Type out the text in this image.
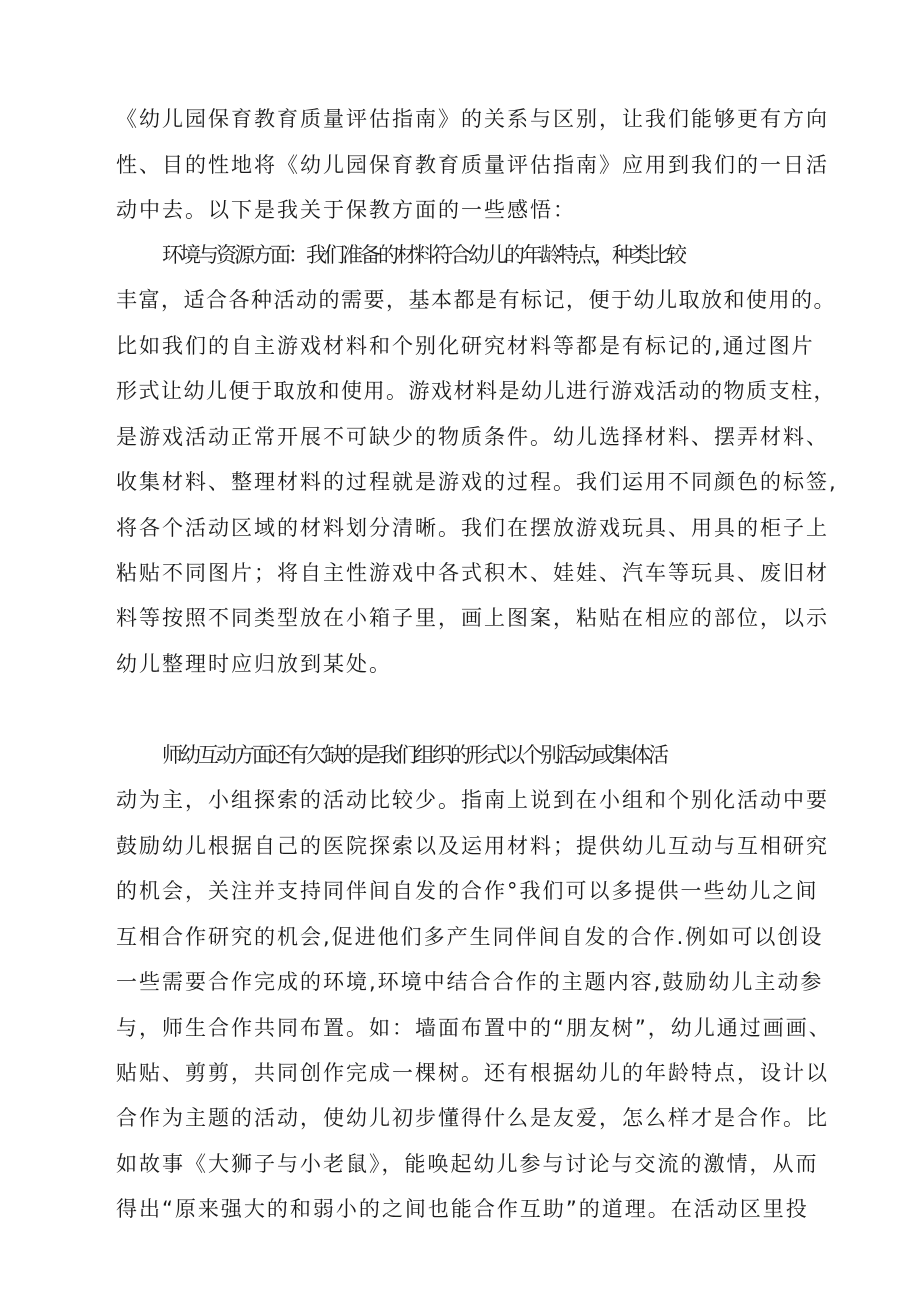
《幼儿园保育教育质量评估指南》的关系与区别，让我们能够更有方向
性、目的性地将《幼儿园保育教育质量评估指南》应用到我们的一日活
动中去。以下是我关于保教方面的一些感悟：
环境与资源方面：我们准备的材料符合幼儿的年龄特点，种类比较
丰富，适合各种活动的需要，基本都是有标记，便于幼儿取放和使用的。
比如我们的自主游戏材料和个别化研究材料等都是有标记的,通过图片
形式让幼儿便于取放和使用。游戏材料是幼儿进行游戏活动的物质支柱，
是游戏活动正常开展不可缺少的物质条件。幼儿选择材料、摆弄材料、
收集材料、整理材料的过程就是游戏的过程。我们运用不同颜色的标签,
将各个活动区域的材料划分清晰。我们在摆放游戏玩具、用具的柜子上
粘贴不同图片；将自主性游戏中各式积木、娃娃、汽车等玩具、废旧材
料等按照不同类型放在小箱子里，画上图案，粘贴在相应的部位，以示
幼儿整理时应归放到某处。
师幼互动方面还有欠缺的是我们组织的形式以个别活动或集体活
动为主，小组探索的活动比较少。指南上说到在小组和个别化活动中要
鼓励幼儿根据自己的医院探索以及运用材料；提供幼儿互动与互相研究
的机会，关注并支持同伴间自发的合作°我们可以多提供一些幼儿之间
互相合作研究的机会,促进他们多产生同伴间自发的合作.例如可以创设
一些需要合作完成的环境,环境中结合合作的主题内容,鼓励幼儿主动参
与，师生合作共同布置。如：墙面布置中的“朋友树”，幼儿通过画画、
贴贴、剪剪，共同创作完成一棵树。还有根据幼儿的年龄特点，设计以
合作为主题的活动，使幼儿初步懂得什么是友爱，怎么样才是合作。比
如故事《大狮子与小老鼠》，能唤起幼儿参与讨论与交流的激情，从而
得出“原来强大的和弱小的之间也能合作互助”的道理。在活动区里投
